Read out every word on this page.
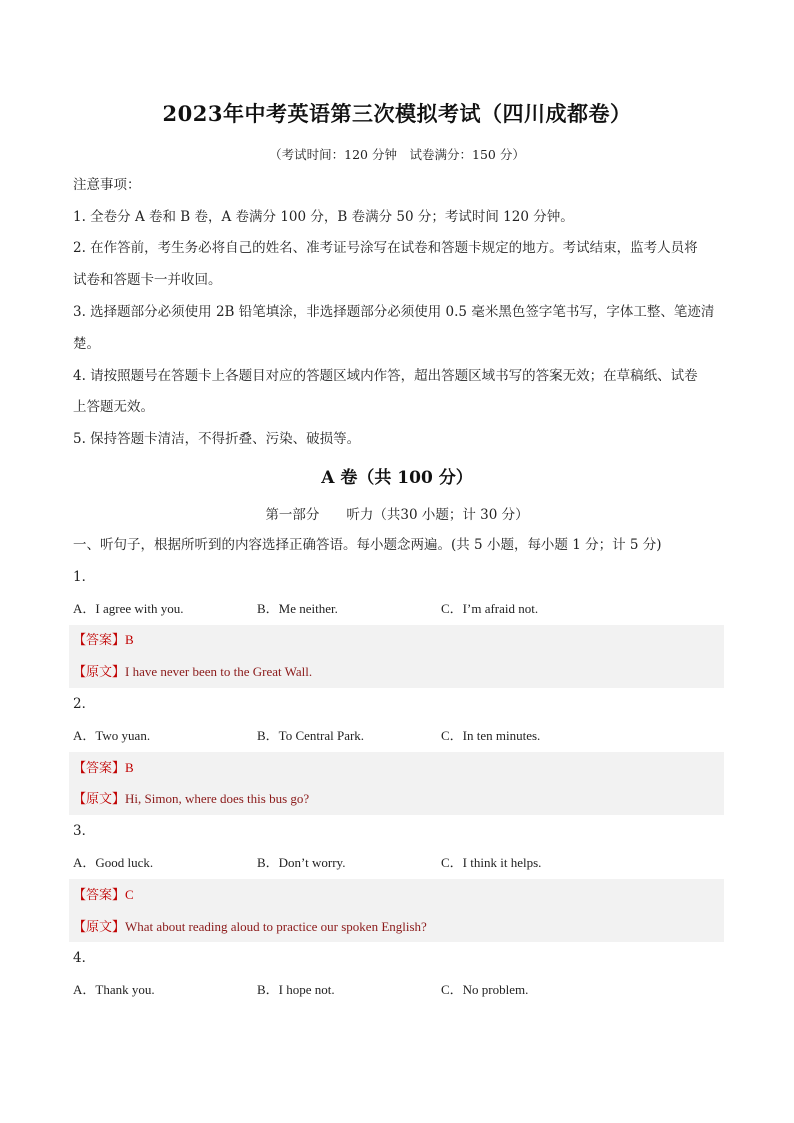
2023年中考英语第三次模拟考试（四川成都卷）
（考试时间：120 分钟　试卷满分：150 分）
注意事项：
1. 全卷分 A 卷和 B 卷，A 卷满分 100 分，B 卷满分 50 分；考试时间 120 分钟。
2. 在作答前，考生务必将自己的姓名、准考证号涂写在试卷和答题卡规定的地方。考试结束，监考人员将
试卷和答题卡一并收回。
3. 选择题部分必须使用 2B 铅笔填涂，非选择题部分必须使用 0.5 毫米黑色签字笔书写，字体工整、笔迹清
楚。
4. 请按照题号在答题卡上各题目对应的答题区域内作答，超出答题区域书写的答案无效；在草稿纸、试卷
上答题无效。
5. 保持答题卡清洁，不得折叠、污染、破损等。
A 卷（共 100 分）
第一部分　　听力（共30 小题；计 30 分）
一、听句子，根据所听到的内容选择正确答语。每小题念两遍。(共 5 小题，每小题 1 分；计 5 分)
1．
A．I agree with you.	B．Me neither.	C．I’m afraid not.
【答案】B
【原文】I have never been to the Great Wall.
2．
A．Two yuan.	B．To Central Park.	C．In ten minutes.
【答案】B
【原文】Hi, Simon, where does this bus go?
3．
A．Good luck.	B．Don’t worry.	C．I think it helps.
【答案】C
【原文】What about reading aloud to practice our spoken English?
4．
A．Thank you.	B．I hope not.	C．No problem.
